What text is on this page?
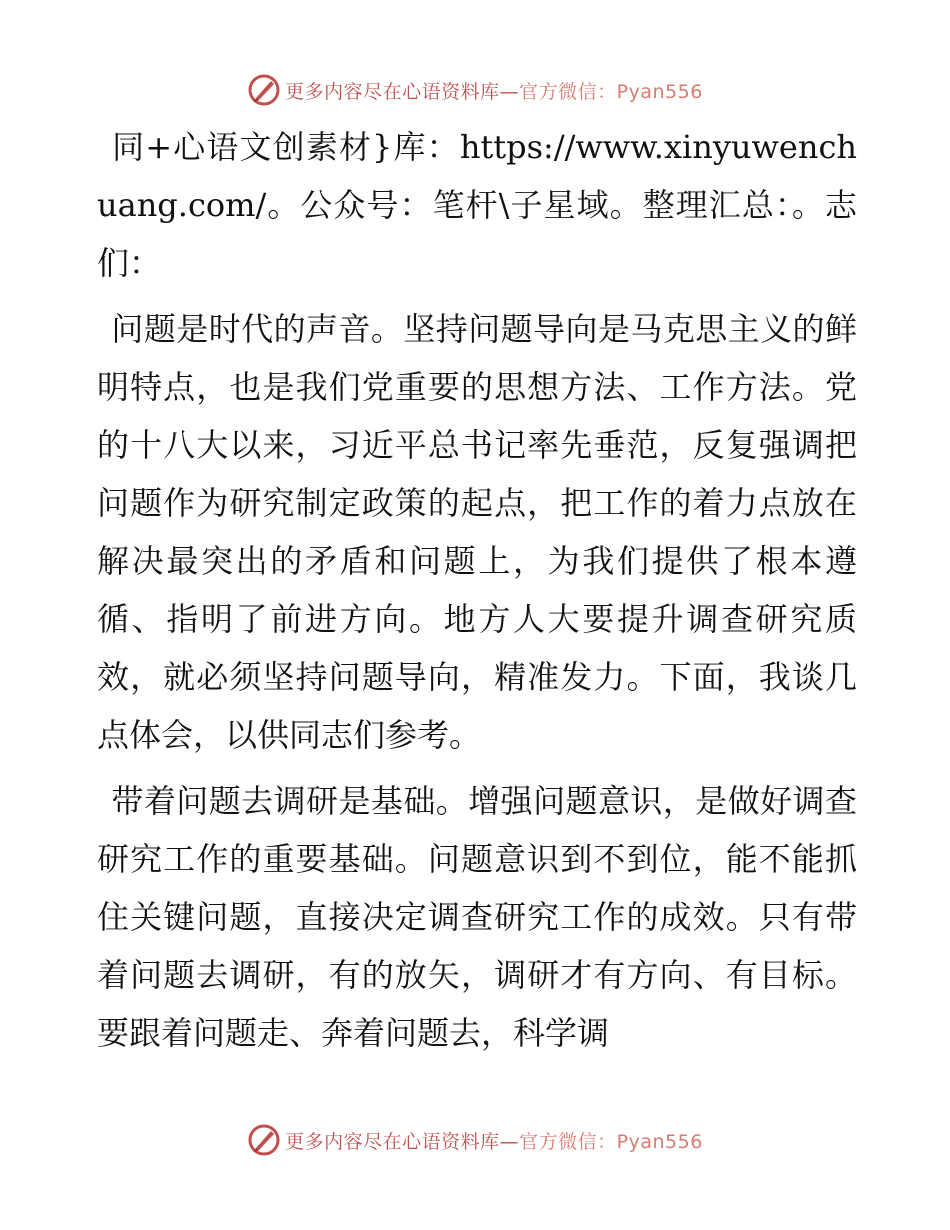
更多内容尽在心语资料库—官方微信：Pyan556

同+心语文创素材}库：https://www.xinyuwenchuang.com/。公众号：笔杆\子星域。整理汇总：。志们：

问题是时代的声音。坚持问题导向是马克思主义的鲜明特点，也是我们党重要的思想方法、工作方法。党的十八大以来，习近平总书记率先垂范，反复强调把问题作为研究制定政策的起点，把工作的着力点放在解决最突出的矛盾和问题上，为我们提供了根本遵循、指明了前进方向。地方人大要提升调查研究质效，就必须坚持问题导向，精准发力。下面，我谈几点体会，以供同志们参考。

带着问题去调研是基础。增强问题意识，是做好调查研究工作的重要基础。问题意识到不到位，能不能抓住关键问题，直接决定调查研究工作的成效。只有带着问题去调研，有的放矢，调研才有方向、有目标。要跟着问题走、奔着问题去，科学调

更多内容尽在心语资料库—官方微信：Pyan556
